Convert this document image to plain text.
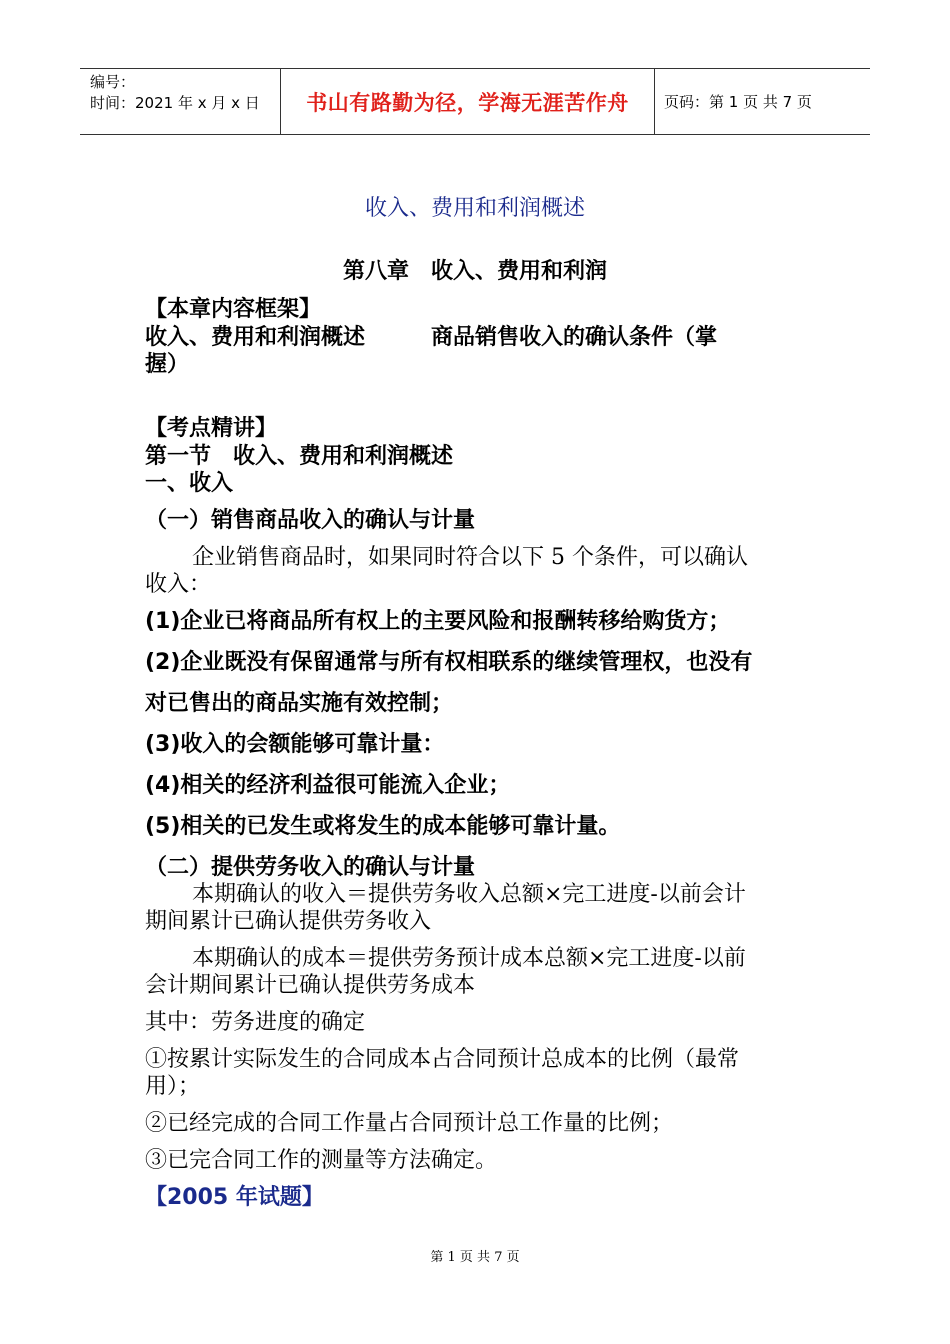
编号：
时间：2021 年 x 月 x 日	书山有路勤为径，学海无涯苦作舟	页码：第 1 页 共 7 页
收入、费用和利润概述
第八章　收入、费用和利润
【本章内容框架】
收入、费用和利润概述　　　商品销售收入的确认条件（掌
握）
【考点精讲】
第一节　收入、费用和利润概述
一、收入
（一）销售商品收入的确认与计量
企业销售商品时，如果同时符合以下 5 个条件，可以确认
收入：
(1)企业已将商品所有权上的主要风险和报酬转移给购货方；
(2)企业既没有保留通常与所有权相联系的继续管理权，也没有
对已售出的商品实施有效控制；
(3)收入的会额能够可靠计量：
(4)相关的经济利益很可能流入企业；
(5)相关的已发生或将发生的成本能够可靠计量。
（二）提供劳务收入的确认与计量
本期确认的收入＝提供劳务收入总额×完工进度-以前会计
期间累计已确认提供劳务收入
本期确认的成本＝提供劳务预计成本总额×完工进度-以前
会计期间累计已确认提供劳务成本
其中：劳务进度的确定
①按累计实际发生的合同成本占合同预计总成本的比例（最常
用）；
②已经完成的合同工作量占合同预计总工作量的比例；
③已完合同工作的测量等方法确定。
【2005 年试题】
第 1 页 共 7 页
